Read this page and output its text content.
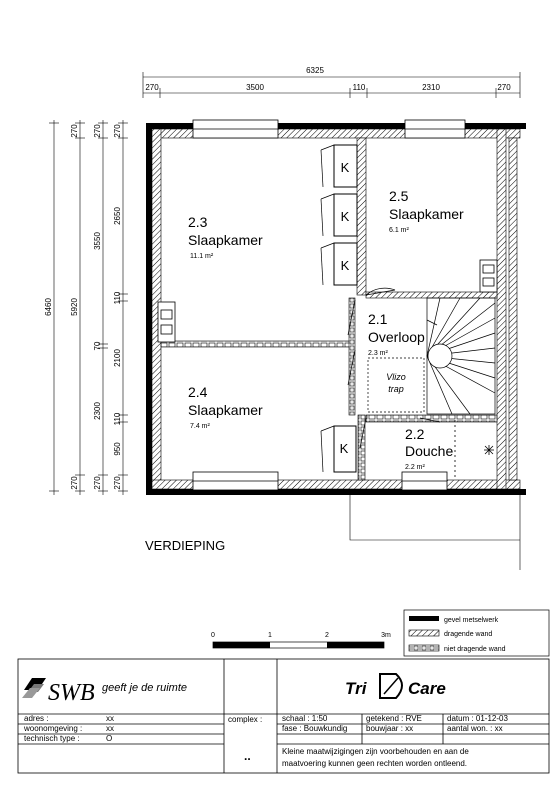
6325
270	3500	110	2310	270
6460 5920
270
270
270
3550
70
2300
270
270
2650
110
2100
110
950
270
K
K
K
K
Vlizo
trap
2.3
Slaapkamer
11.1 m²
2.5
Slaapkamer
6.1 m²
2.1
Overloop
2.3 m²
2.4
Slaapkamer
7.4 m²	2.2
Douche
2.2 m²
VERDIEPING
gevel metselwerk
dragende wand
niet dragende wand
0	1	2	3m
SWB geeft je de ruimte	Tri Care
adres :	xx
woonomgeving :	xx
technisch type :	O
complex :
..
schaal : 1:50	getekend : RVE	datum : 01-12-03
fase : Bouwkundig bouwjaar : xx	aantal won. : xx
Kleine maatwijzigingen zijn voorbehouden en aan de
maatvoering kunnen geen rechten worden ontleend.
